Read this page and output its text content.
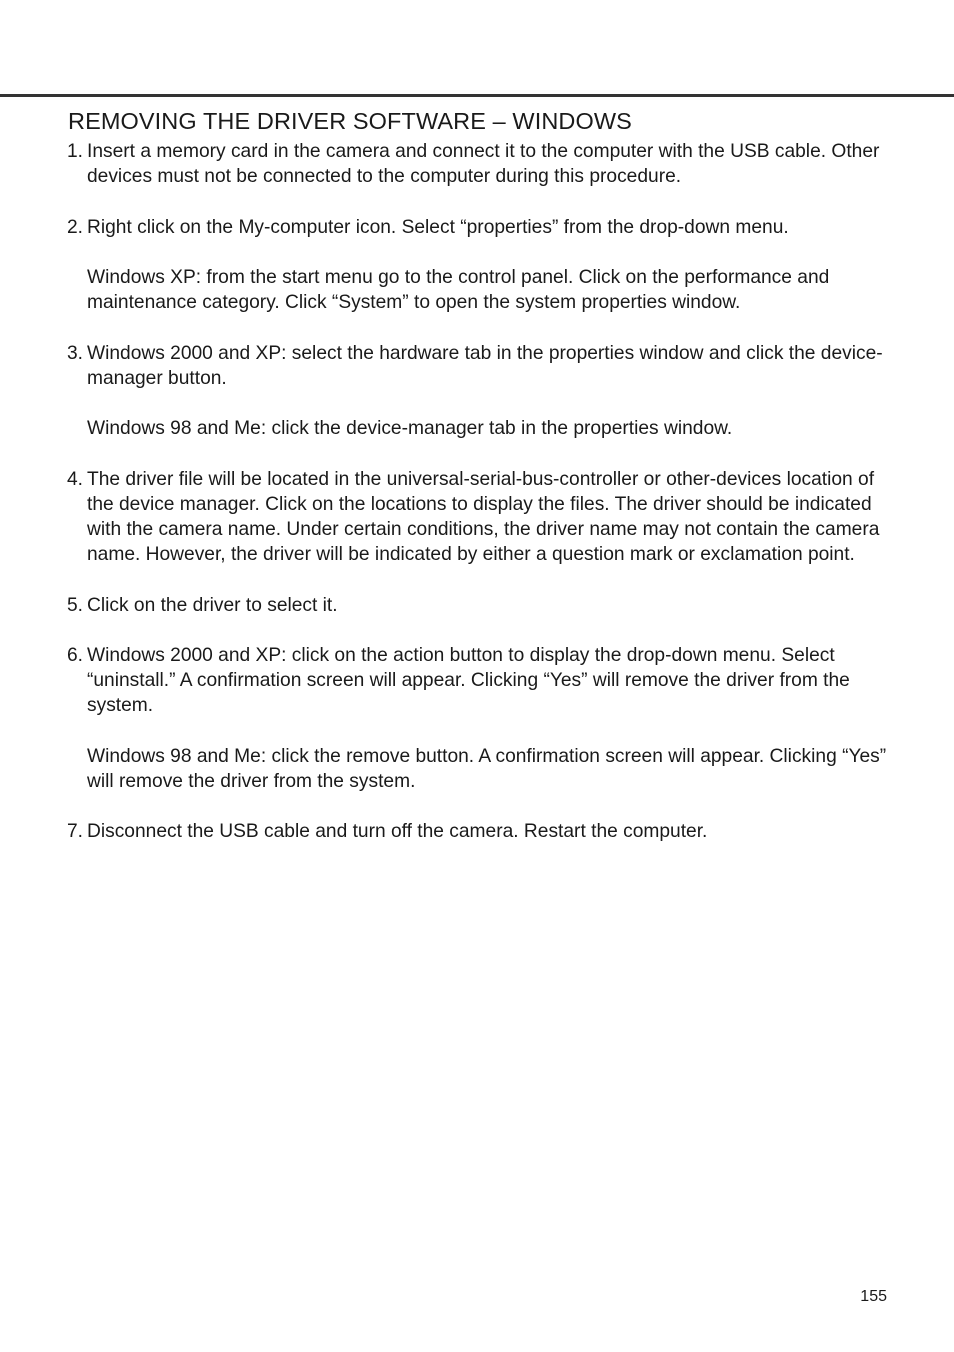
REMOVING THE DRIVER SOFTWARE – WINDOWS
1. Insert a memory card in the camera and connect it to the computer with the USB cable. Other devices must not be connected to the computer during this procedure.

2. Right click on the My-computer icon. Select “properties” from the drop-down menu.

Windows XP: from the start menu go to the control panel. Click on the performance and maintenance category. Click “System” to open the system properties window.

3. Windows 2000 and XP: select the hardware tab in the properties window and click the device-manager button.

Windows 98 and Me: click the device-manager tab in the properties window.

4. The driver file will be located in the universal-serial-bus-controller or other-devices location of the device manager. Click on the locations to display the files. The driver should be indicated with the camera name. Under certain conditions, the driver name may not contain the camera name. However, the driver will be indicated by either a question mark or exclamation point.

5. Click on the driver to select it.

6. Windows 2000 and XP: click on the action button to display the drop-down menu. Select “uninstall.” A confirmation screen will appear. Clicking “Yes” will remove the driver from the system.

Windows 98 and Me: click the remove button. A confirmation screen will appear. Clicking “Yes” will remove the driver from the system.

7. Disconnect the USB cable and turn off the camera. Restart the computer.

155
